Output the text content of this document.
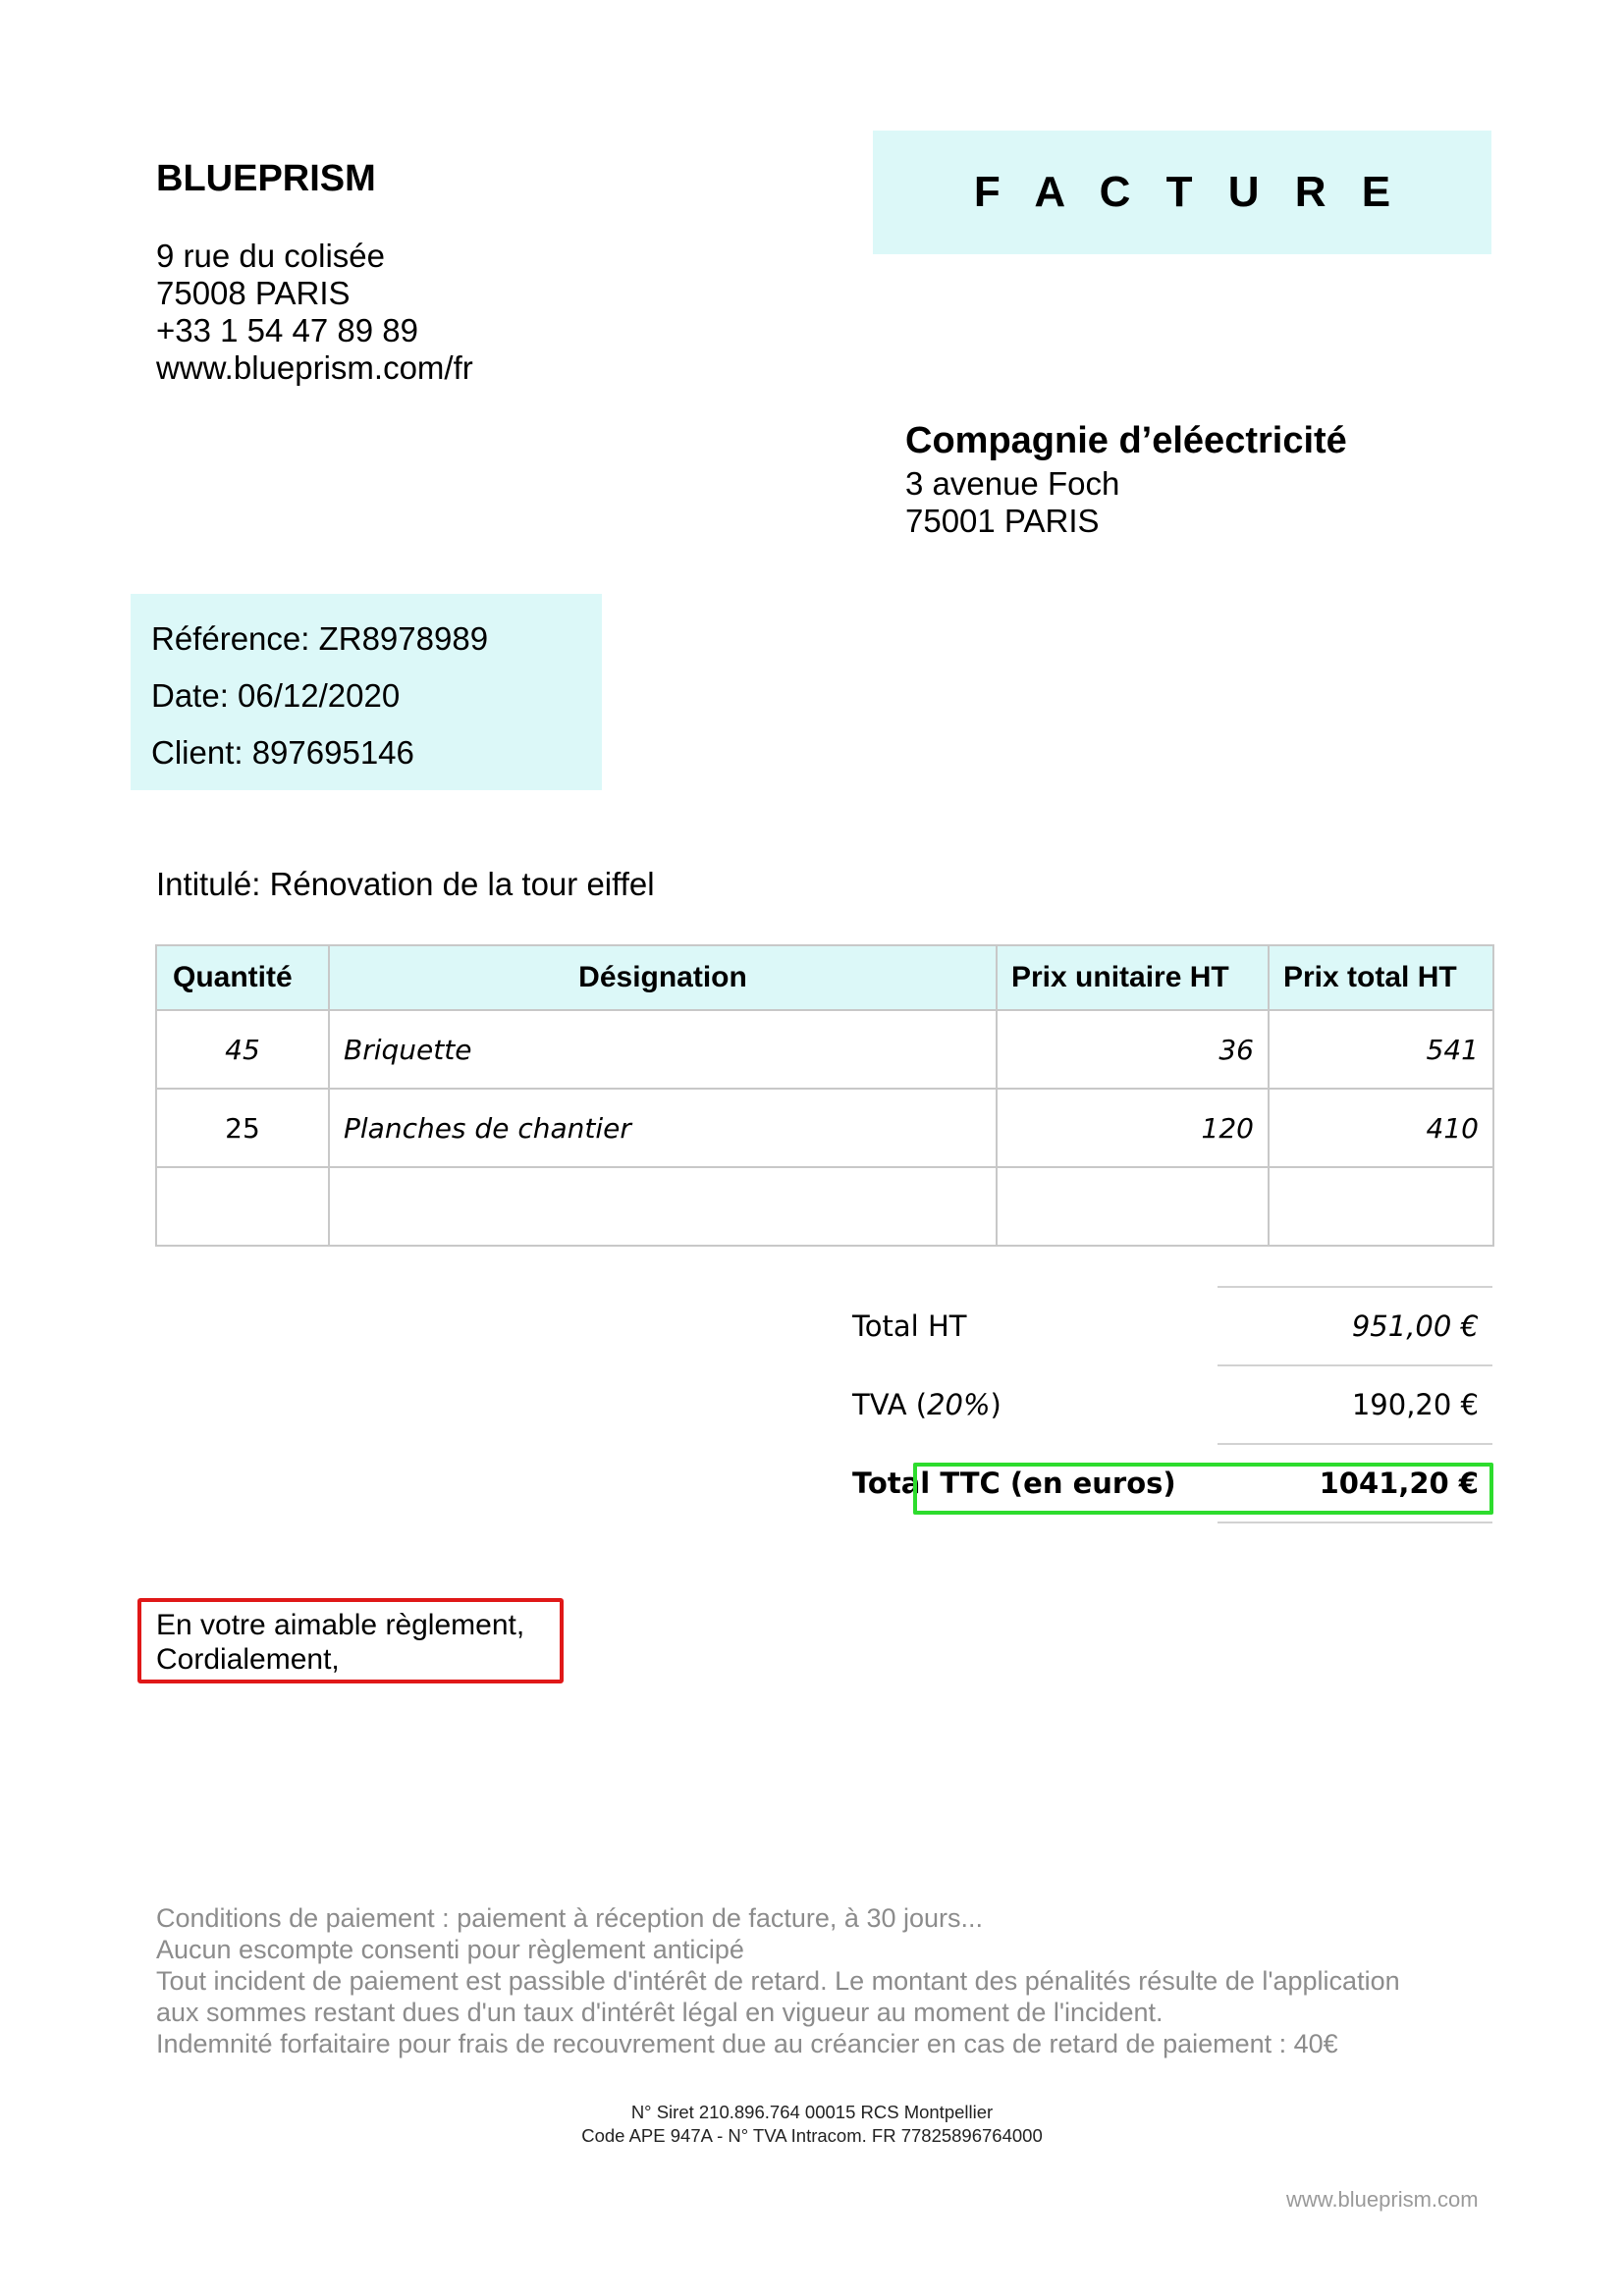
BLUEPRISM
9 rue du colisée
75008 PARIS
+33 1 54 47 89 89
www.blueprism.com/fr
F A C T U R E
Compagnie d’eléectricité
3 avenue Foch
75001 PARIS
Référence: ZR8978989
Date: 06/12/2020
Client: 897695146
Intitulé: Rénovation de la tour eiffel
Quantité	Désignation	Prix unitaire HT	Prix total HT
45	Briquette	36	541
25	Planches de chantier	120	410

Total HT	951,00 €
TVA (20%)	190,20 €
Total TTC (en euros)	1041,20 €
En votre aimable règlement,
Cordialement,
Conditions de paiement : paiement à réception de facture, à 30 jours...
Aucun escompte consenti pour règlement anticipé
Tout incident de paiement est passible d'intérêt de retard. Le montant des pénalités résulte de l'application
aux sommes restant dues d'un taux d'intérêt légal en vigueur au moment de l'incident.
Indemnité forfaitaire pour frais de recouvrement due au créancier en cas de retard de paiement : 40€
N° Siret 210.896.764 00015 RCS Montpellier
Code APE 947A - N° TVA Intracom. FR 77825896764000
www.blueprism.com
